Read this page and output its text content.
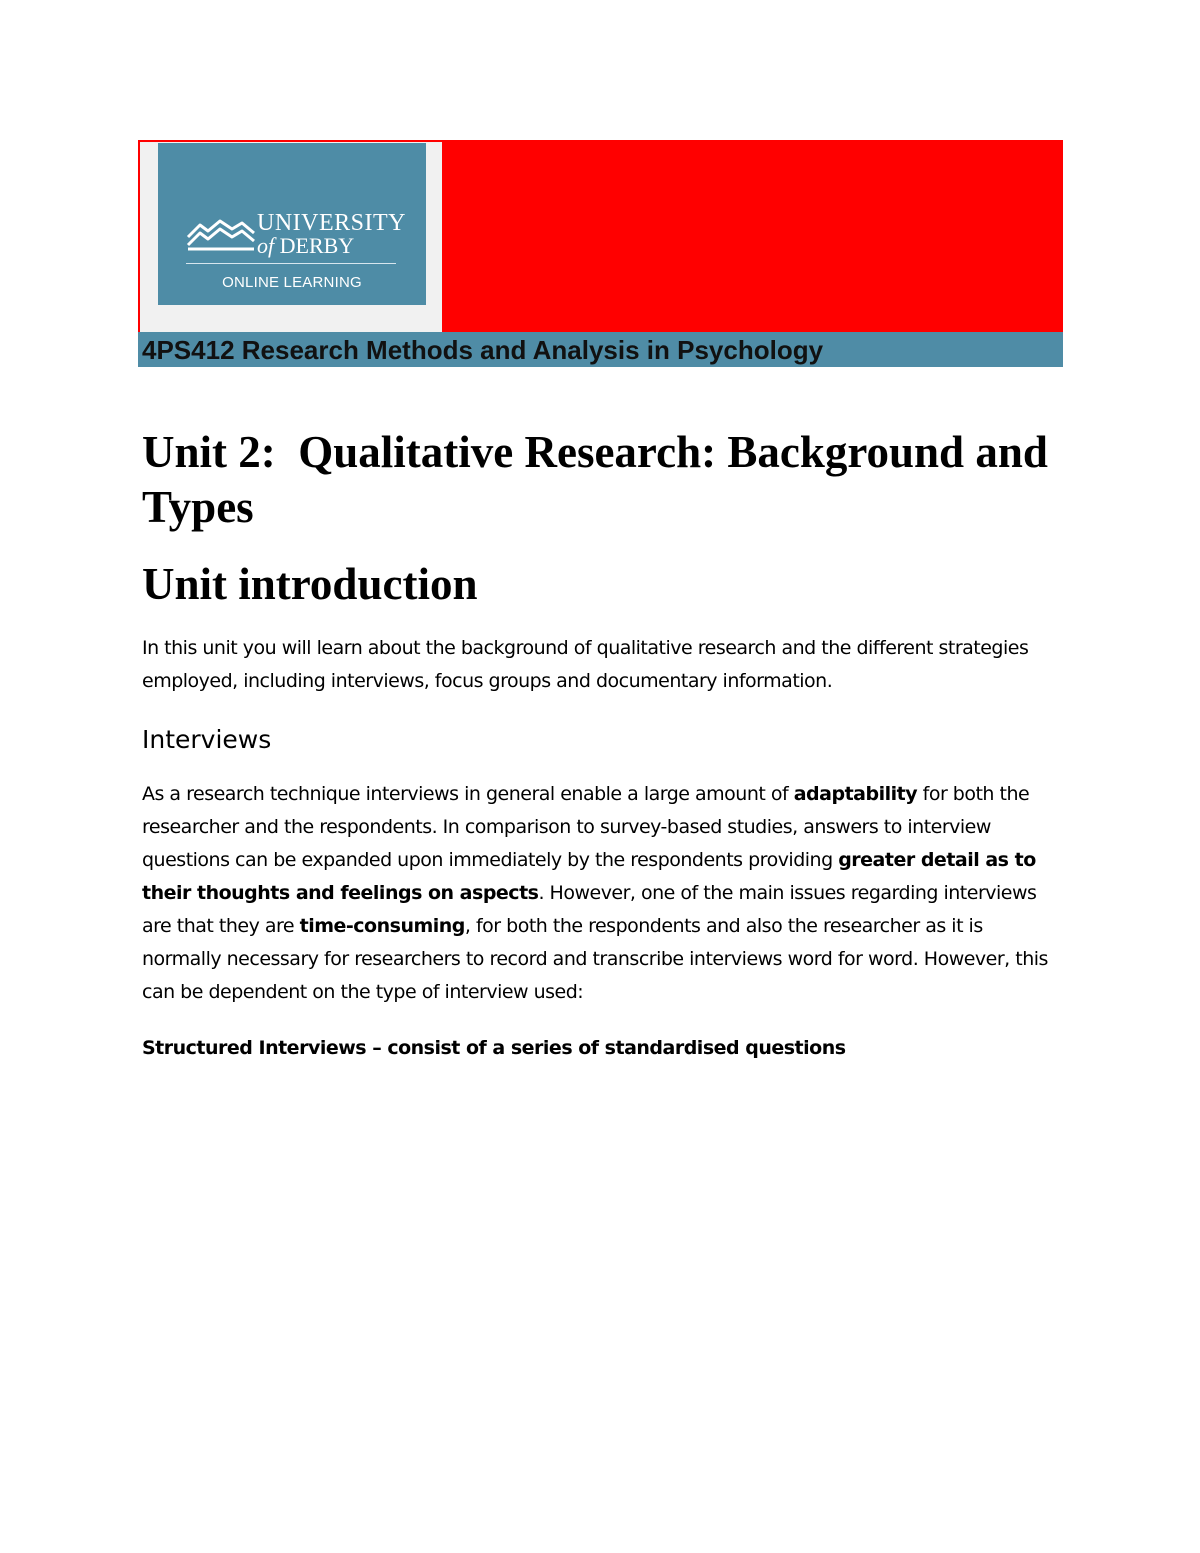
UNIVERSITY
of DERBY
ONLINE LEARNING
4PS412 Research Methods and Analysis in Psychology
Unit 2:  Qualitative Research: Background and Types
Unit introduction

In this unit you will learn about the background of qualitative research and the different strategies employed, including interviews, focus groups and documentary information.

Interviews

As a research technique interviews in general enable a large amount of adaptability for both the researcher and the respondents. In comparison to survey-based studies, answers to interview questions can be expanded upon immediately by the respondents providing greater detail as to their thoughts and feelings on aspects. However, one of the main issues regarding interviews are that they are time-consuming, for both the respondents and also the researcher as it is normally necessary for researchers to record and transcribe interviews word for word. However, this can be dependent on the type of interview used:

Structured Interviews – consist of a series of standardised questions
